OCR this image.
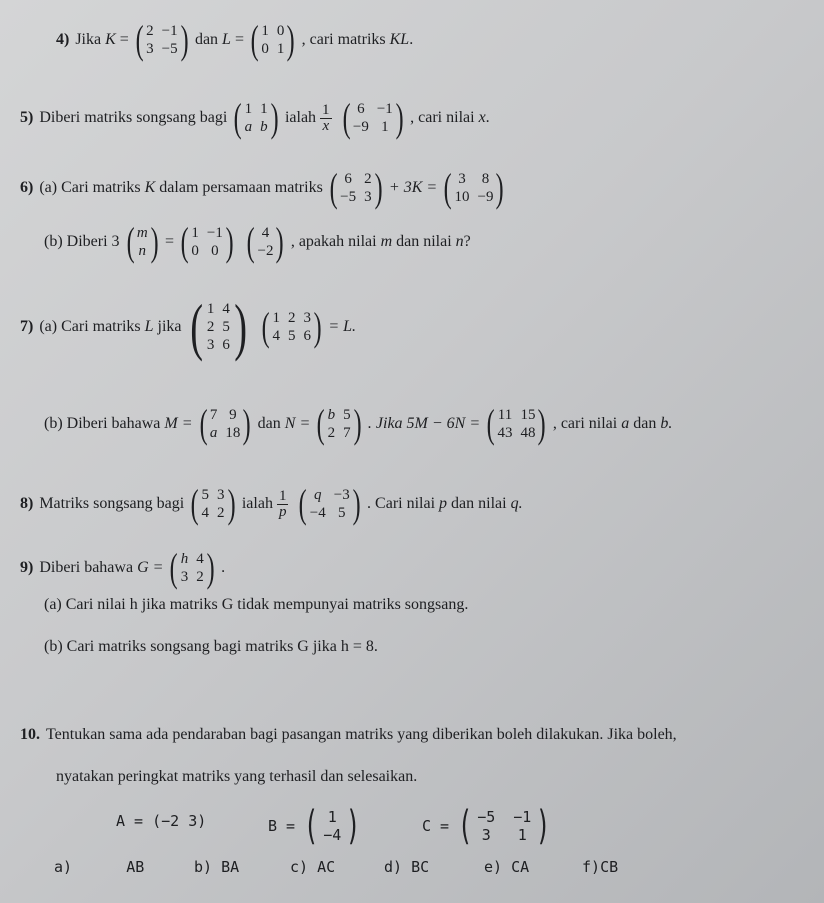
4) Jika
K
= ( 2 −1
3 −5 ) dan
L = ( 1 0
0 1 ) , cari matriks
KL .
5) Diberi matriks songsang bagi ( 1 1
a b ) ialah $\frac{1}{x}$ ( 6 −1
−9 1 ) , cari nilai
x .
6) (a) Cari matriks
K
dalam persamaan matriks ( 6 2
−5 3 ) + 3K = ( 3 8
10 −9 )
(b) Diberi 3 ( m
n ) = ( 1 −1
0 0 ) ( 4
−2 ) , apakah nilai
m
dan nilai
n ?
7) (a) Cari matriks
L
jika ( 1 4
2 5
3 6 ) ( 1 2 3
4 5 6 ) = L.
(b) Diberi bahawa
M = ( 7 9
a 18 ) dan
N = ( b 5
2 7 ) . Jika 5M − 6N = ( 11 15
43 48 ) , cari nilai
a
dan
b.
8) Matriks songsang bagi ( 5 3
4 2 ) ialah $\frac{1}{p}$ ( q −3
−4 5 ) . Cari nilai
p
dan nilai
q.
9) Diberi bahawa
G = ( h 4
3 2 ) .
(a) Cari nilai h jika matriks G tidak mempunyai matriks songsang.
(b) Cari matriks songsang bagi matriks G jika h = 8.
10. Tentukan sama ada pendaraban bagi pasangan matriks yang diberikan boleh dilakukan. Jika boleh,
nyatakan peringkat matriks yang terhasil dan selesaikan.
A = (−2 3)	B = ( 1
−4 )	C = ( −5 −1
3	1 )
a)
	AB	b)
BA	c)
AC	d)
BC	e)
CA	f) CB
